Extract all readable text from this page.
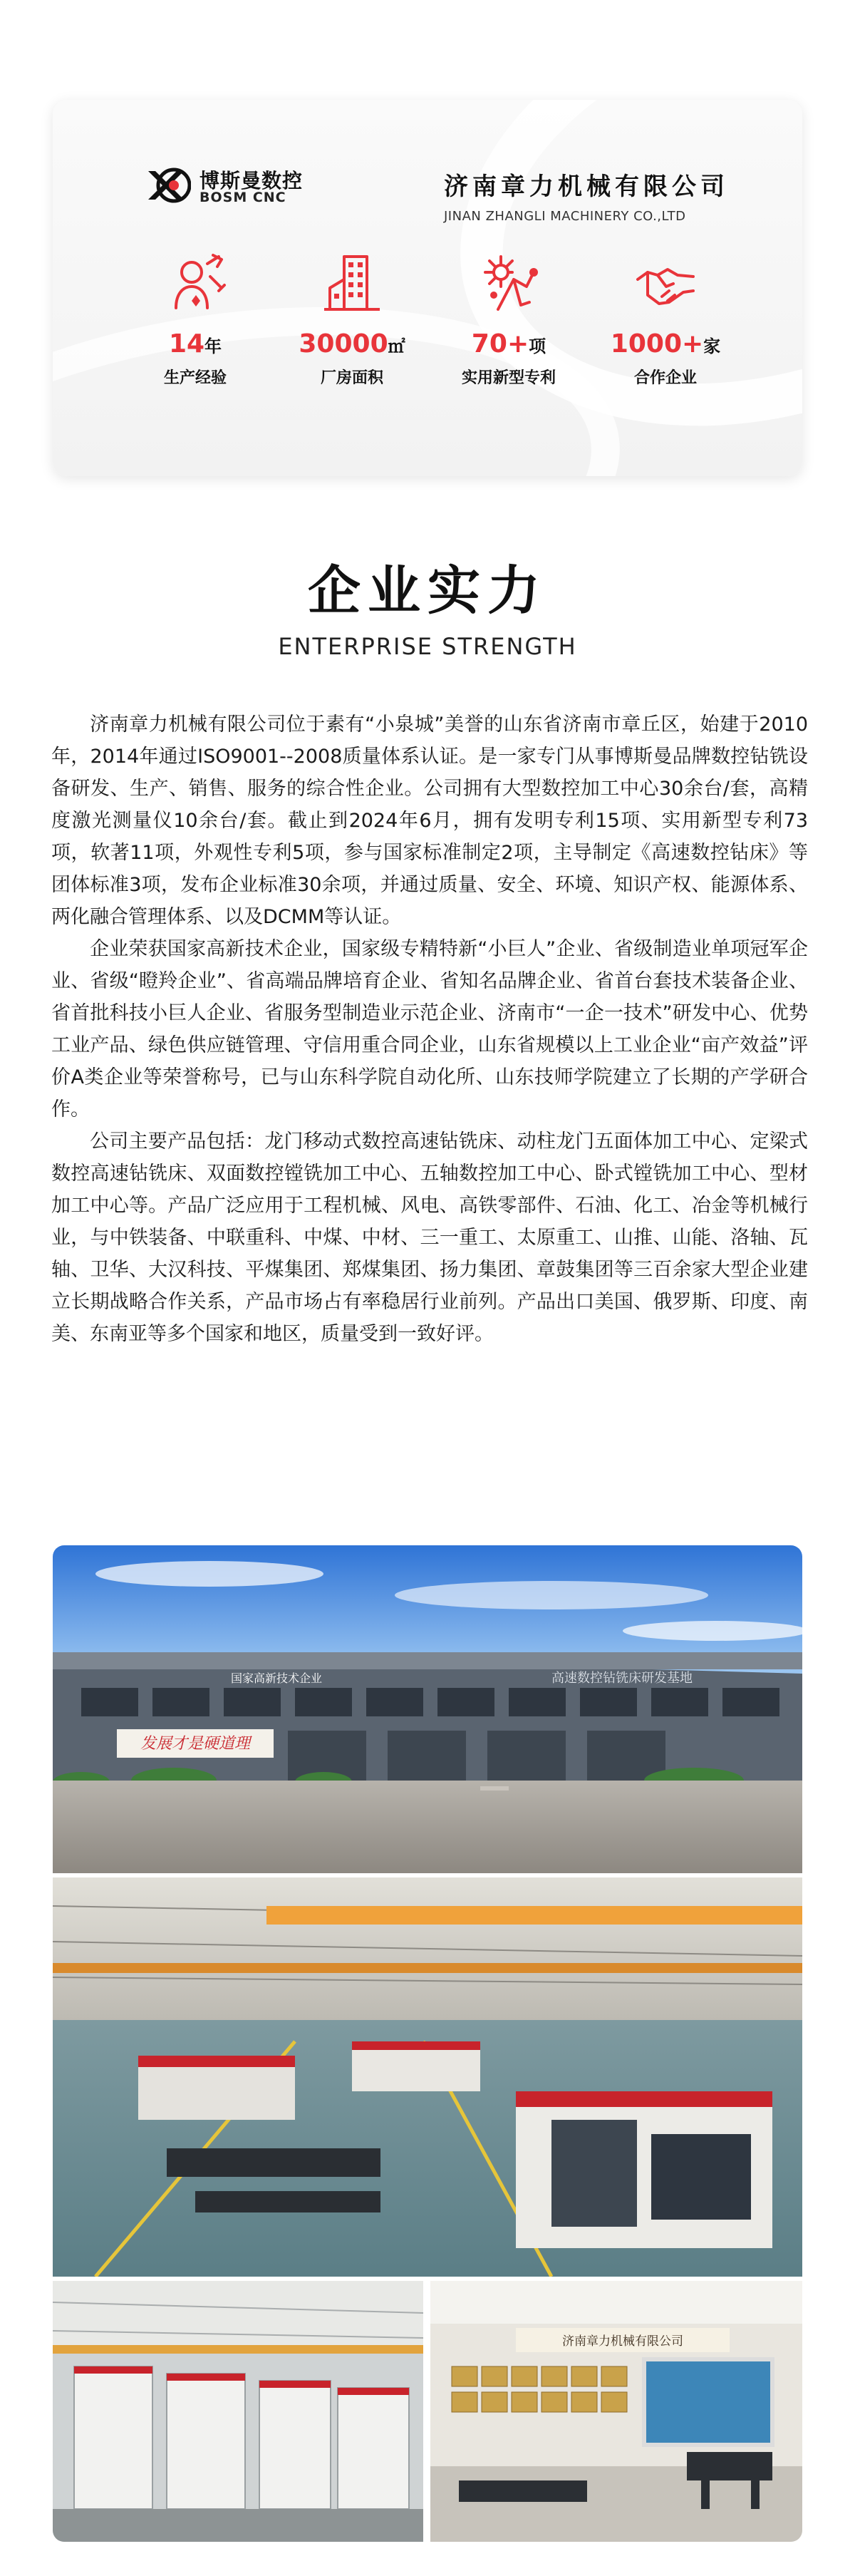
博斯曼数控
BOSM CNC	济南章力机械有限公司
JINAN ZHANGLI MACHINERY CO.,LTD
14年
生产经验
30000㎡
厂房面积
70+项
实用新型专利
1000+家
合作企业
企业实力
ENTERPRISE STRENGTH

济南章力机械有限公司位于素有“小泉城”美誉的山东省济南市章丘区，始建于2010年，2014年通过ISO9001--2008质量体系认证。是一家专门从事博斯曼品牌数控钻铣设备研发、生产、销售、服务的综合性企业。公司拥有大型数控加工中心30余台/套，高精度激光测量仪10余台/套。截止到2024年6月，拥有发明专利15项、实用新型专利73项，软著11项，外观性专利5项，参与国家标准制定2项，主导制定《高速数控钻床》等团体标准3项，发布企业标准30余项，并通过质量、安全、环境、知识产权、能源体系、两化融合管理体系、以及DCMM等认证。

企业荣获国家高新技术企业，国家级专精特新“小巨人”企业、省级制造业单项冠军企业、省级“瞪羚企业”、省高端品牌培育企业、省知名品牌企业、省首台套技术装备企业、省首批科技小巨人企业、省服务型制造业示范企业、济南市“一企一技术”研发中心、优势工业产品、绿色供应链管理、守信用重合同企业，山东省规模以上工业企业“亩产效益”评价A类企业等荣誉称号，已与山东科学院自动化所、山东技师学院建立了长期的产学研合作。

公司主要产品包括：龙门移动式数控高速钻铣床、动柱龙门五面体加工中心、定梁式数控高速钻铣床、双面数控镗铣加工中心、五轴数控加工中心、卧式镗铣加工中心、型材加工中心等。产品广泛应用于工程机械、风电、高铁零部件、石油、化工、冶金等机械行业，与中铁装备、中联重科、中煤、中材、三一重工、太原重工、山推、山能、洛轴、瓦轴、卫华、大汉科技、平煤集团、郑煤集团、扬力集团、章鼓集团等三百余家大型企业建立长期战略合作关系，产品市场占有率稳居行业前列。产品出口美国、俄罗斯、印度、南美、东南亚等多个国家和地区，质量受到一致好评。

发展才是硬道理
国家高新技术企业	高速数控钻铣床研发基地
济南章力机械有限公司
